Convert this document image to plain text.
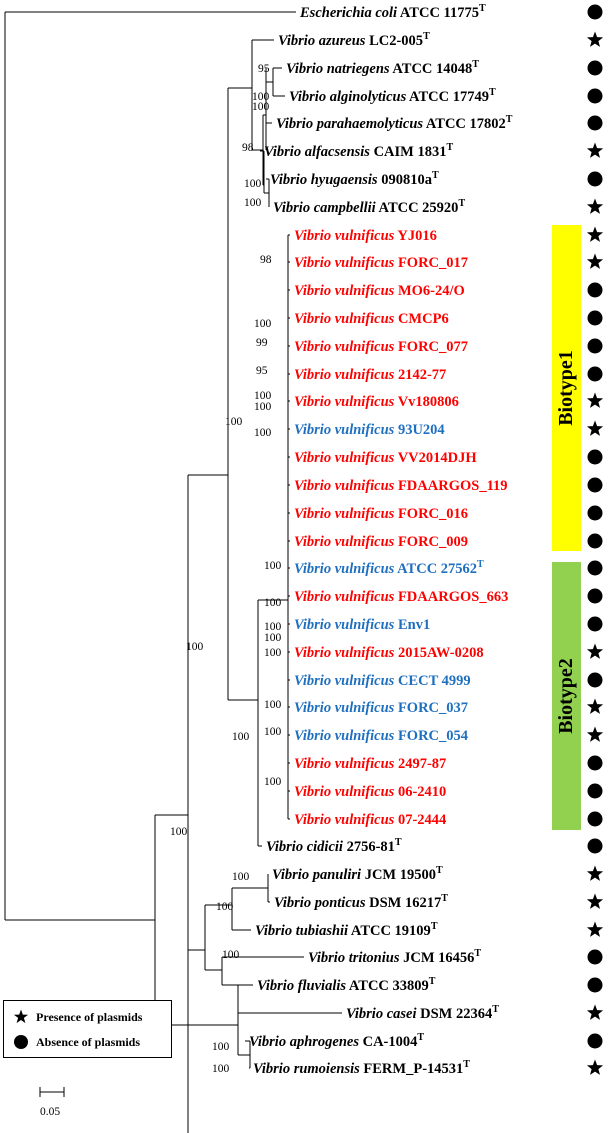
Biotype1
Biotype2
Escherichia coli ATCC $11775^T$
Vibrio azureus $LC2-005^T$
Vibrio natriegens ATCC $14048^T$
Vibrio alginolyticus ATCC $17749^T$
Vibrio parahaemolyticus ATCC $17802^T$
Vibrio alfacsensis CAIM $1831^T$
Vibrio hyugaensis $090810a^T$
Vibrio campbellii ATCC $25920^T$
Vibrio vulnificus YJ016
Vibrio vulnificus FORC_017
Vibrio vulnificus MO6-24/O
Vibrio vulnificus CMCP6
Vibrio vulnificus FORC_077
Vibrio vulnificus 2142-77
Vibrio vulnificus Vv180806
Vibrio vulnificus 93U204
Vibrio vulnificus VV2014DJH
Vibrio vulnificus FDAARGOS_119
Vibrio vulnificus FORC_016
Vibrio vulnificus FORC_009
Vibrio vulnificus ATCC $27562^T$
Vibrio vulnificus FDAARGOS_663
Vibrio vulnificus Env1
Vibrio vulnificus 2015AW-0208
Vibrio vulnificus CECT 4999
Vibrio vulnificus FORC_037
Vibrio vulnificus FORC_054
Vibrio vulnificus 2497-87
Vibrio vulnificus 06-2410
Vibrio vulnificus 07-2444
Vibrio cidicii $2756-81^T$
Vibrio panuliri JCM $19500^T$
Vibrio ponticus DSM $16217^T$
Vibrio tubiashii ATCC $19109^T$
Vibrio tritonius JCM $16456^T$
Vibrio fluvialis ATCC $33809^T$
Vibrio casei DSM $22364^T$
Vibrio aphrogenes $CA-1004^T$
Vibrio rumoiensis $FERM\_P-14531^T$
95
100
100
98
100
100
98
100
99
95
100
100
100
100
100
100
100
100
100
100
100
100
100
100
100
100
100
100
100
100
Presence of plasmids
Absence of plasmids
0.05
